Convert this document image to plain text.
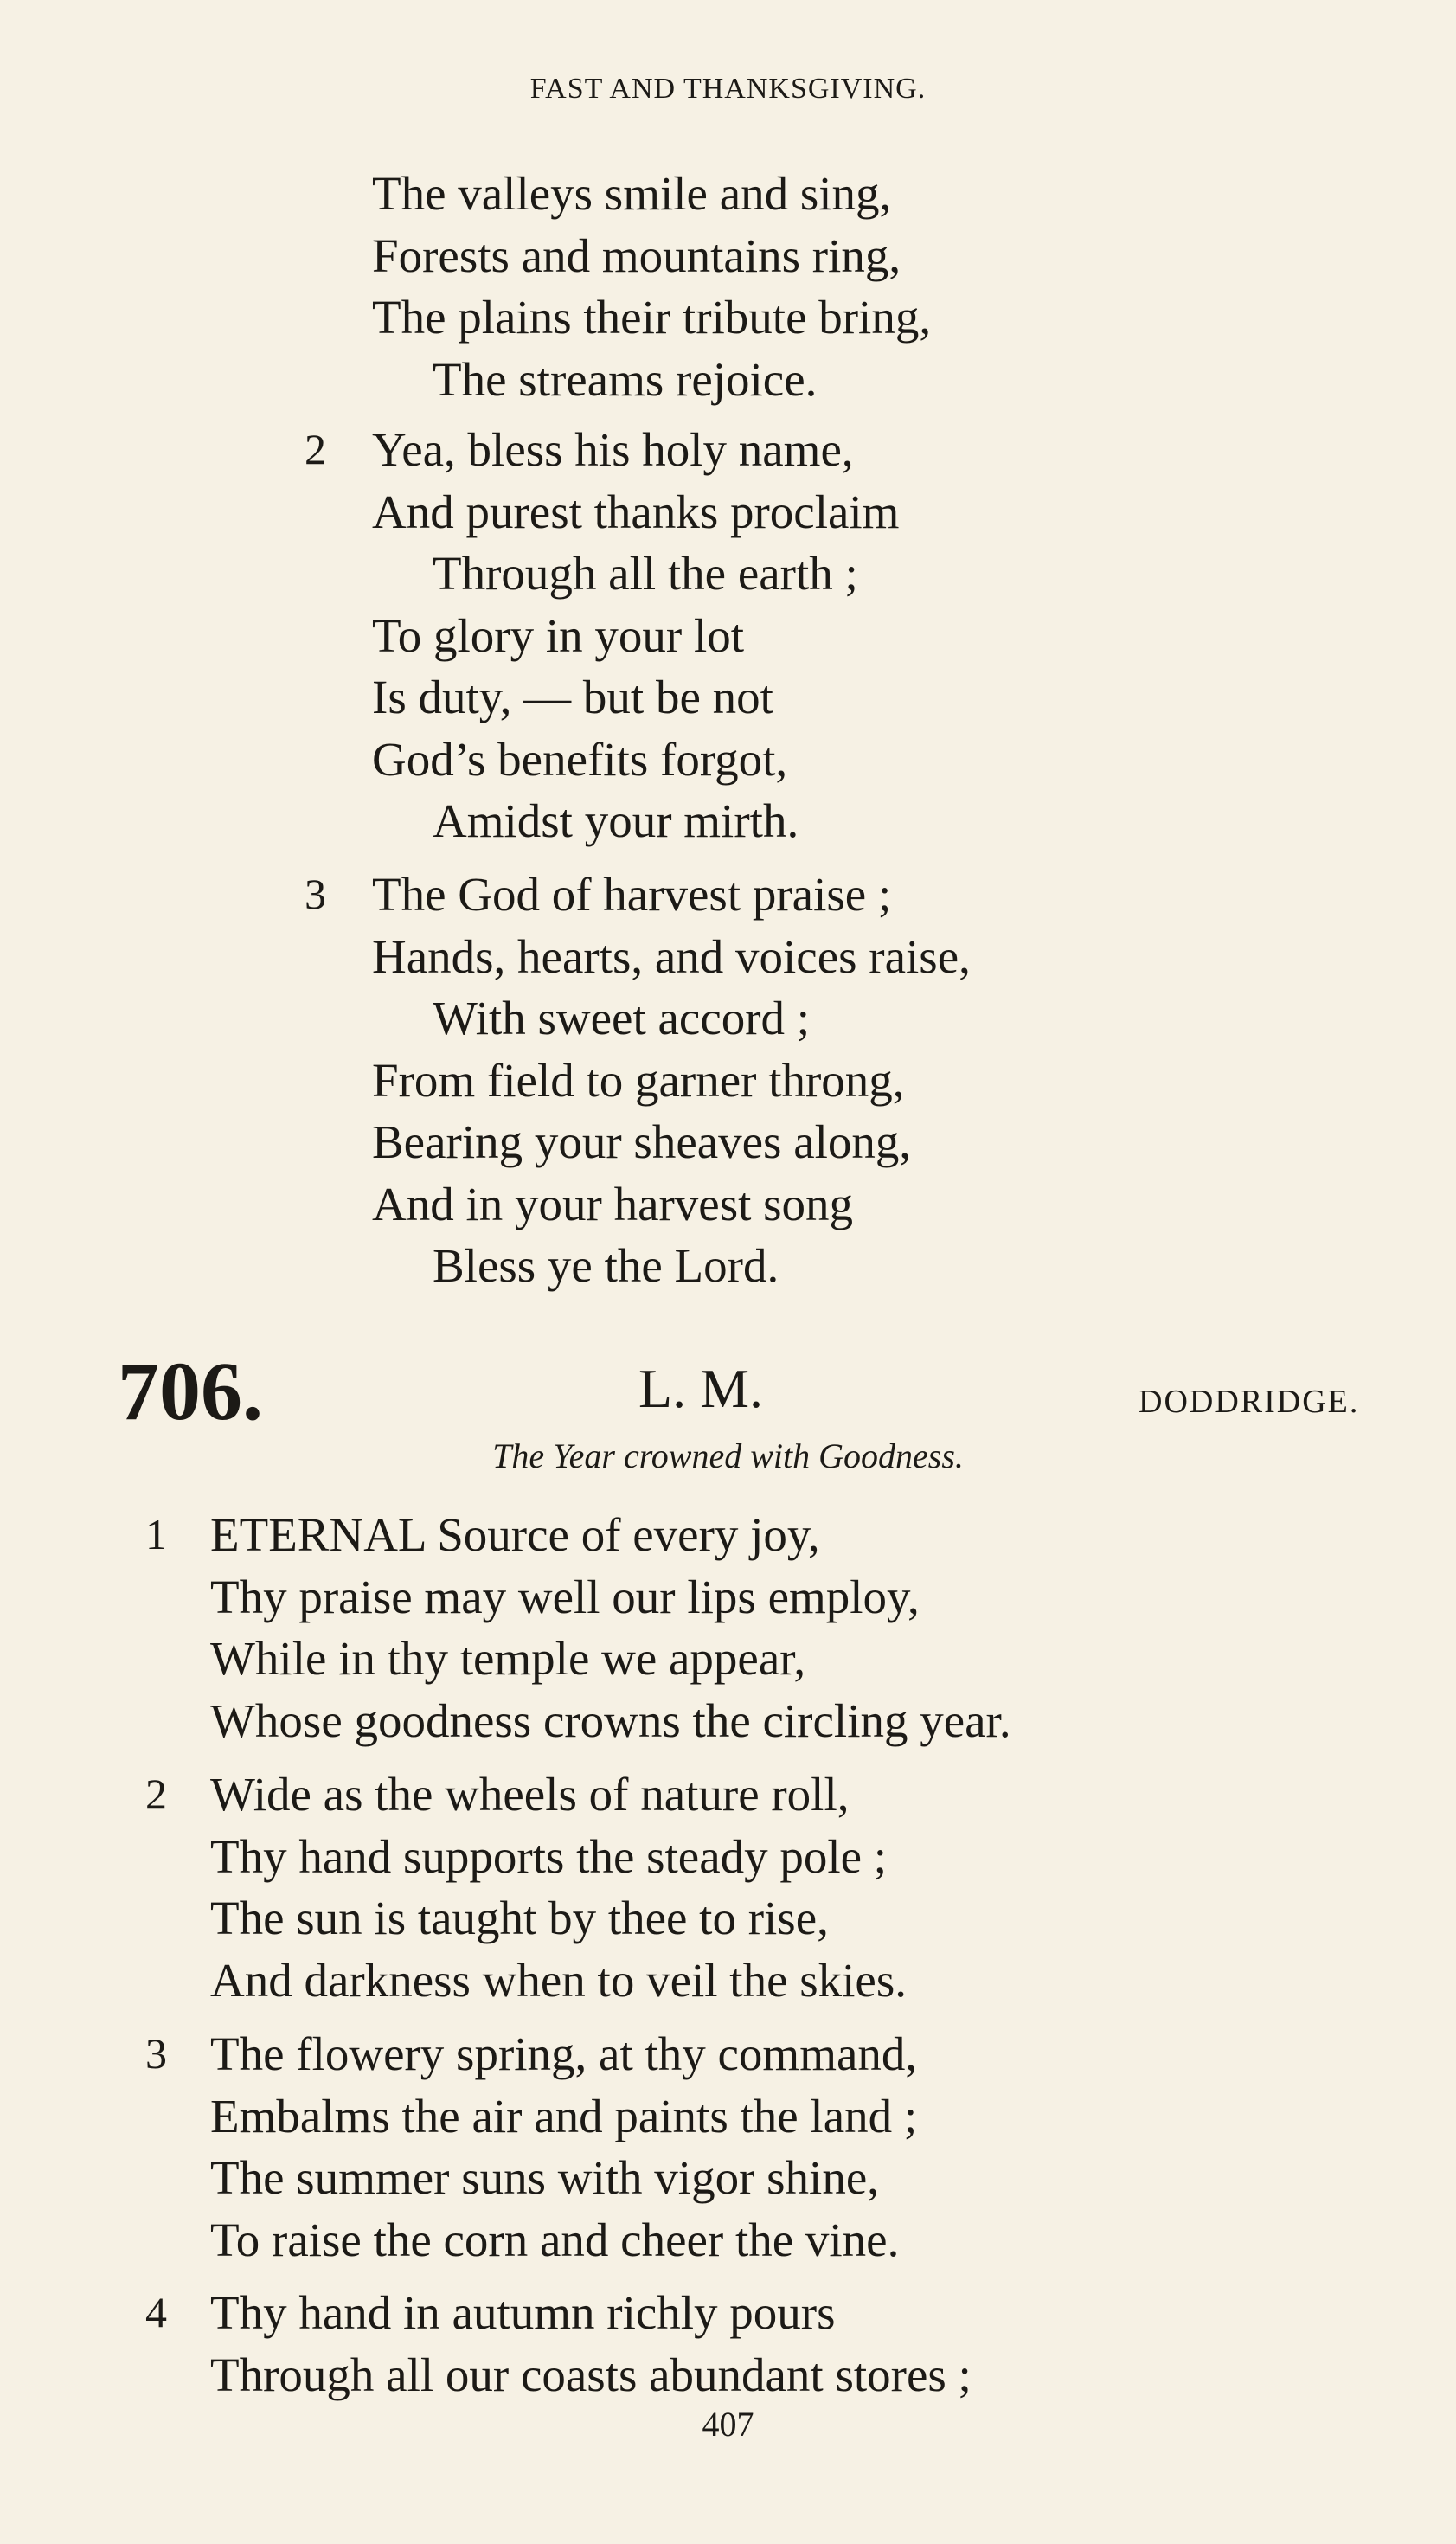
FAST AND THANKSGIVING.
The valleys smile and sing,
Forests and mountains ring,
The plains their tribute bring,
The streams rejoice.
2 Yea, bless his holy name,
And purest thanks proclaim
Through all the earth ;
To glory in your lot
Is duty, — but be not
God’s benefits forgot,
Amidst your mirth.
3 The God of harvest praise ;
Hands, hearts, and voices raise,
With sweet accord ;
From field to garner throng,
Bearing your sheaves along,
And in your harvest song
Bless ye the Lord.
706.	L. M.	DODDRIDGE.
The Year crowned with Goodness.
1 ETERNAL Source of every joy,
Thy praise may well our lips employ,
While in thy temple we appear,
Whose goodness crowns the circling year.
2 Wide as the wheels of nature roll,
Thy hand supports the steady pole ;
The sun is taught by thee to rise,
And darkness when to veil the skies.
3 The flowery spring, at thy command,
Embalms the air and paints the land ;
The summer suns with vigor shine,
To raise the corn and cheer the vine.
4 Thy hand in autumn richly pours
Through all our coasts abundant stores ;
407
